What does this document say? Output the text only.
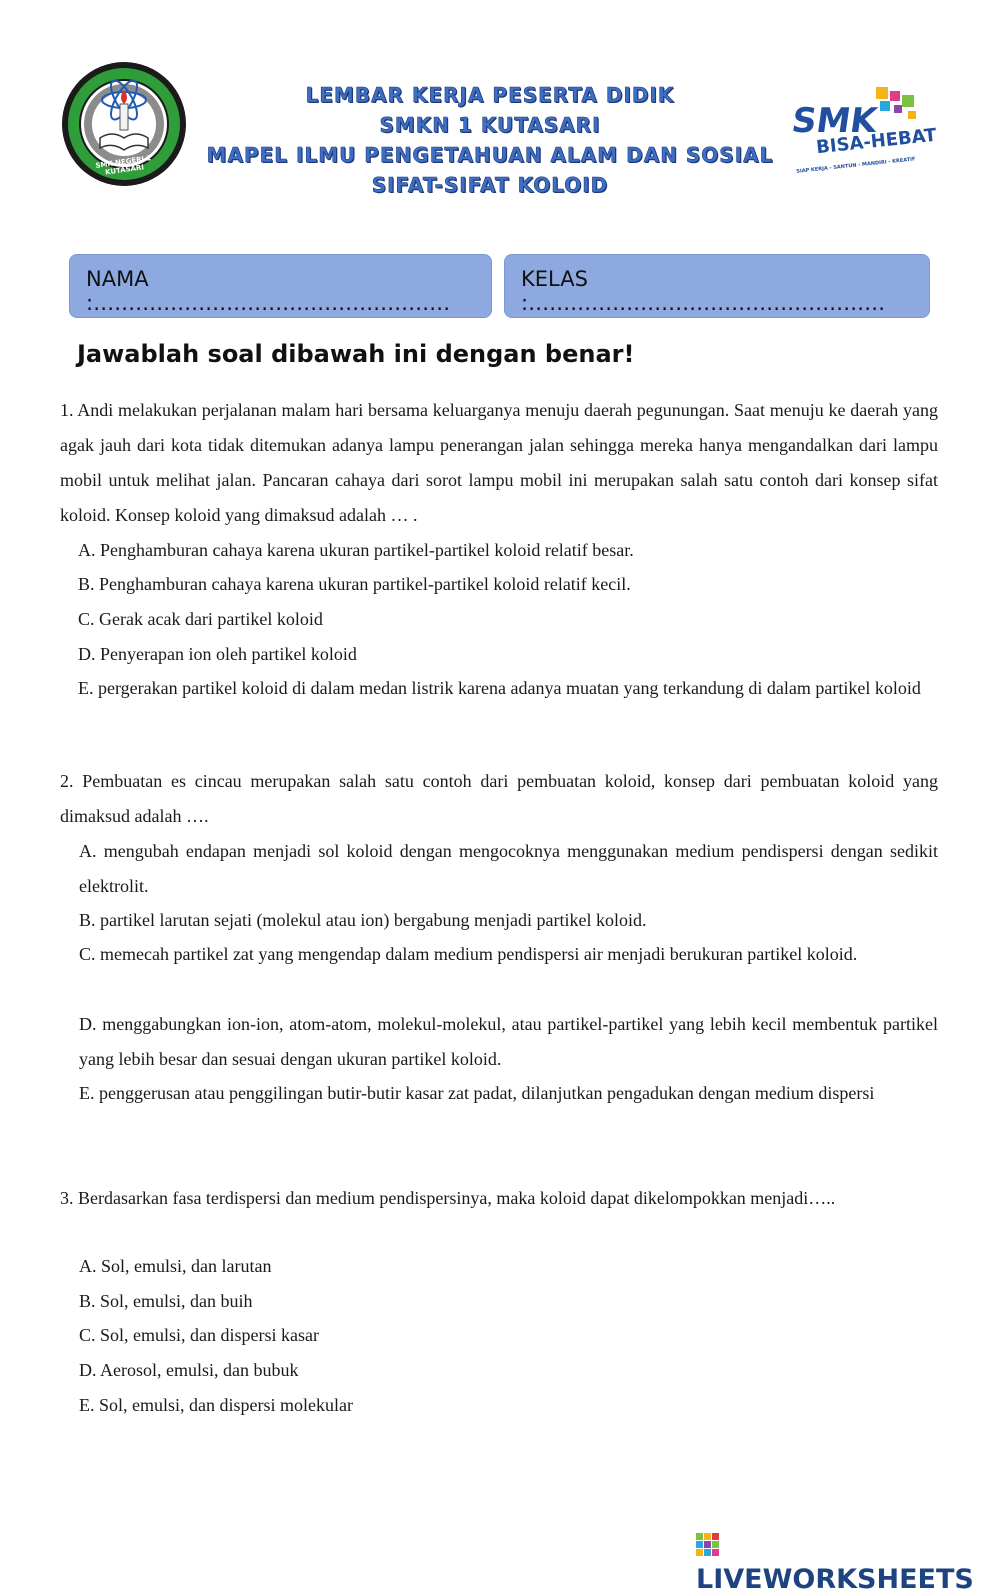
SMK NEGERI 1 KUTASARI
LEMBAR KERJA PESERTA DIDIK
SMKN 1 KUTASARI
MAPEL ILMU PENGETAHUAN ALAM DAN SOSIAL
SIFAT-SIFAT KOLOID
SMK
BISA-HEBAT
SIAP KERJA - SANTUN - MANDIRI - KREATIF
NAMA :……………………………………………
KELAS :……………………………………………
Jawablah soal dibawah ini dengan benar!
1. Andi melakukan perjalanan malam hari bersama keluarganya menuju daerah pegunungan. Saat menuju ke daerah yang agak jauh dari kota tidak ditemukan adanya lampu penerangan jalan sehingga mereka hanya mengandalkan dari lampu mobil untuk melihat jalan. Pancaran cahaya dari sorot lampu mobil ini merupakan salah satu contoh dari konsep sifat koloid. Konsep koloid yang dimaksud adalah … .
A. Penghamburan cahaya karena ukuran partikel-partikel koloid relatif besar.
B. Penghamburan cahaya karena ukuran partikel-partikel koloid relatif kecil.
C. Gerak acak dari partikel koloid
D. Penyerapan ion oleh partikel koloid
E. pergerakan partikel koloid di dalam medan listrik karena adanya muatan yang terkandung di dalam partikel koloid
2. Pembuatan es cincau merupakan salah satu contoh dari pembuatan koloid, konsep dari pembuatan koloid yang dimaksud adalah ….
A. mengubah endapan menjadi sol koloid dengan mengocoknya menggunakan medium pendispersi dengan sedikit elektrolit.
B. partikel larutan sejati (molekul atau ion) bergabung menjadi partikel koloid.
C. memecah partikel zat yang mengendap dalam medium pendispersi air menjadi berukuran partikel koloid.
D. menggabungkan ion-ion, atom-atom, molekul-molekul, atau partikel-partikel yang lebih kecil membentuk partikel yang lebih besar dan sesuai dengan ukuran partikel koloid.
E. penggerusan atau penggilingan butir-butir kasar zat padat, dilanjutkan pengadukan dengan medium dispersi
3. Berdasarkan fasa terdispersi dan medium pendispersinya, maka koloid dapat dikelompokkan menjadi…..
A. Sol, emulsi, dan larutan
B. Sol, emulsi, dan buih
C. Sol, emulsi, dan dispersi kasar
D. Aerosol, emulsi, dan bubuk
E. Sol, emulsi, dan dispersi molekular
LIVEWORKSHEETS
